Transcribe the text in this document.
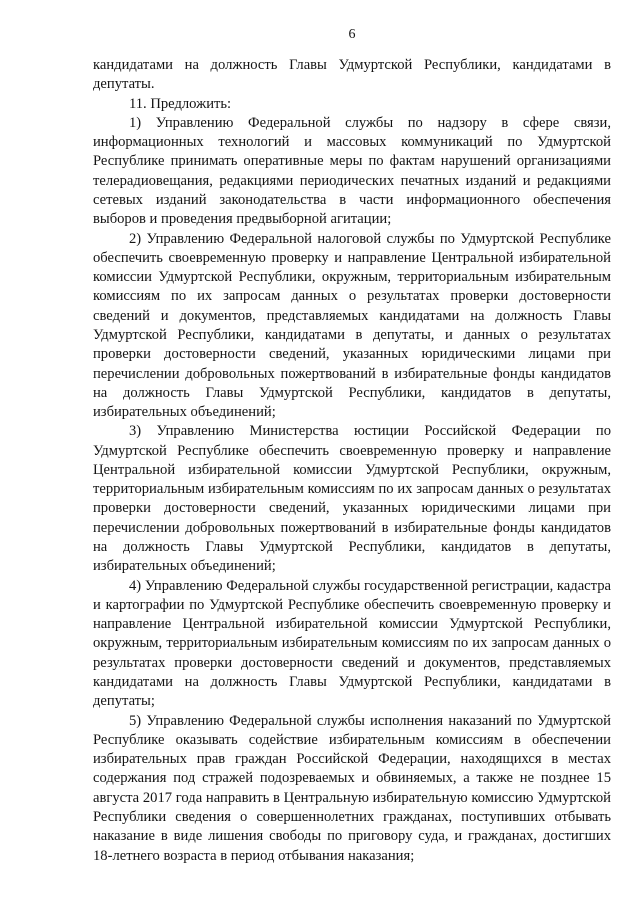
6

кандидатами на должность Главы Удмуртской Республики, кандидатами в депутаты.

11. Предложить:

1) Управлению Федеральной службы по надзору в сфере связи, информационных технологий и массовых коммуникаций по Удмуртской Республике принимать оперативные меры по фактам нарушений организациями телерадиовещания, редакциями периодических печатных изданий и редакциями сетевых изданий законодательства в части информационного обеспечения выборов и проведения предвыборной агитации;

2) Управлению Федеральной налоговой службы по Удмуртской Республике обеспечить своевременную проверку и направление Центральной избирательной комиссии Удмуртской Республики, окружным, территориальным избирательным комиссиям по их запросам данных о результатах проверки достоверности сведений и документов, представляемых кандидатами на должность Главы Удмуртской Республики, кандидатами в депутаты, и данных о результатах проверки достоверности сведений, указанных юридическими лицами при перечислении добровольных пожертвований в избирательные фонды кандидатов на должность Главы Удмуртской Республики, кандидатов в депутаты, избирательных объединений;

3) Управлению Министерства юстиции Российской Федерации по Удмуртской Республике обеспечить своевременную проверку и направление Центральной избирательной комиссии Удмуртской Республики, окружным, территориальным избирательным комиссиям по их запросам данных о результатах проверки достоверности сведений, указанных юридическими лицами при перечислении добровольных пожертвований в избирательные фонды кандидатов на должность Главы Удмуртской Республики, кандидатов в депутаты, избирательных объединений;

4) Управлению Федеральной службы государственной регистрации, кадастра и картографии по Удмуртской Республике обеспечить своевременную проверку и направление Центральной избирательной комиссии Удмуртской Республики, окружным, территориальным избирательным комиссиям по их запросам данных о результатах проверки достоверности сведений и документов, представляемых кандидатами на должность Главы Удмуртской Республики, кандидатами в депутаты;

5) Управлению Федеральной службы исполнения наказаний по Удмуртской Республике оказывать содействие избирательным комиссиям в обеспечении избирательных прав граждан Российской Федерации, находящихся в местах содержания под стражей подозреваемых и обвиняемых, а также не позднее 15 августа 2017 года направить в Центральную избирательную комиссию Удмуртской Республики сведения о совершеннолетних гражданах, поступивших отбывать наказание в виде лишения свободы по приговору суда, и гражданах, достигших 18-летнего возраста в период отбывания наказания;
